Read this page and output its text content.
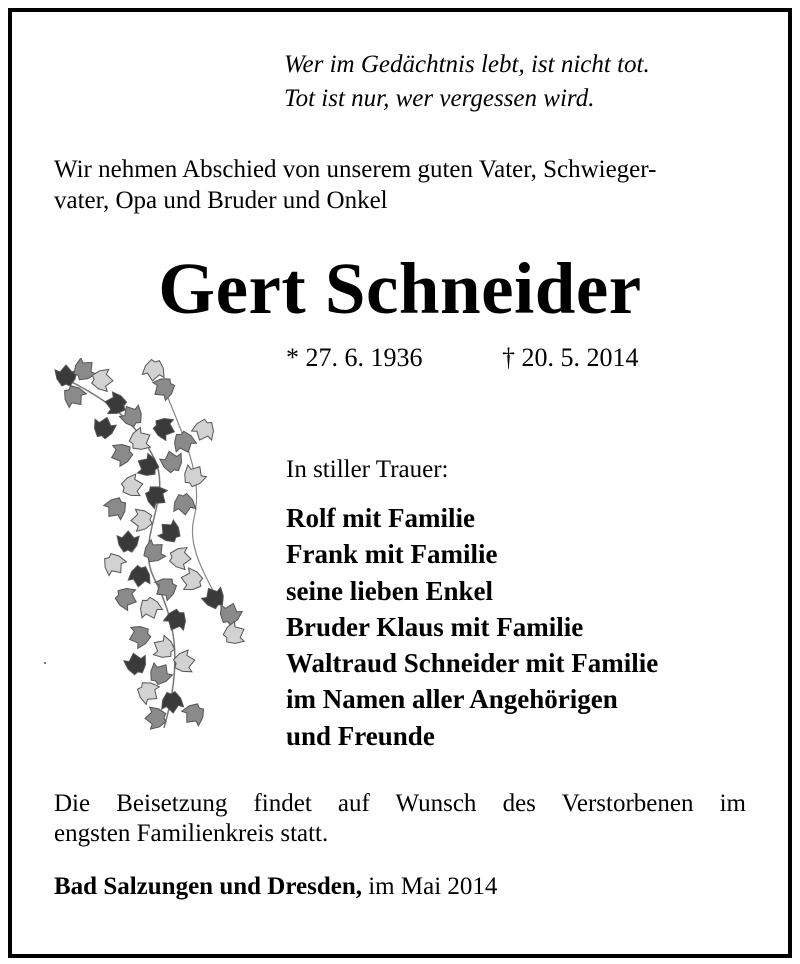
Wer im Gedächtnis lebt, ist nicht tot.
Tot ist nur, wer vergessen wird.
Wir nehmen Abschied von unserem guten Vater, Schwieger-
vater, Opa und Bruder und Onkel
Gert Schneider
* 27. 6. 1936	† 20. 5. 2014
In stiller Trauer:
Rolf mit Familie
Frank mit Familie
seine lieben Enkel
Bruder Klaus mit Familie
Waltraud Schneider mit Familie
im Namen aller Angehörigen
und Freunde
Die Beisetzung findet auf Wunsch des Verstorbenen im
engsten Familienkreis statt.
Bad Salzungen und Dresden, im Mai 2014
